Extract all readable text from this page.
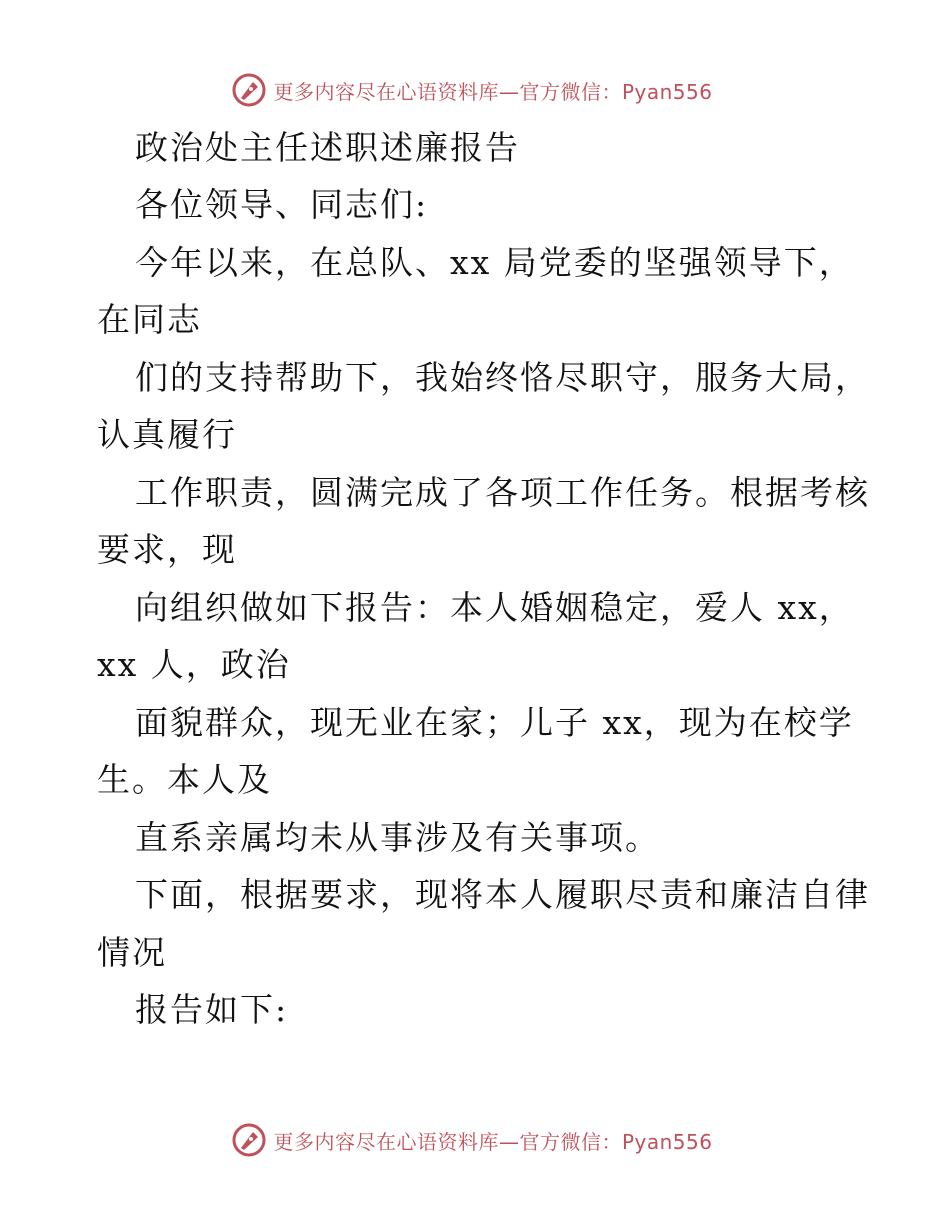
更多内容尽在心语资料库—官方微信：Pyan556
政治处主任述职述廉报告
各位领导、同志们:
今年以来，在总队、xx 局党委的坚强领导下，
在同志
们的支持帮助下，我始终恪尽职守，服务大局，
认真履行
工作职责，圆满完成了各项工作任务。根据考核
要求，现
向组织做如下报告：本人婚姻稳定，爱人 xx，
xx 人，政治
面貌群众，现无业在家；儿子 xx，现为在校学
生。本人及
直系亲属均未从事涉及有关事项。
下面，根据要求，现将本人履职尽责和廉洁自律
情况
报告如下:
更多内容尽在心语资料库—官方微信：Pyan556
